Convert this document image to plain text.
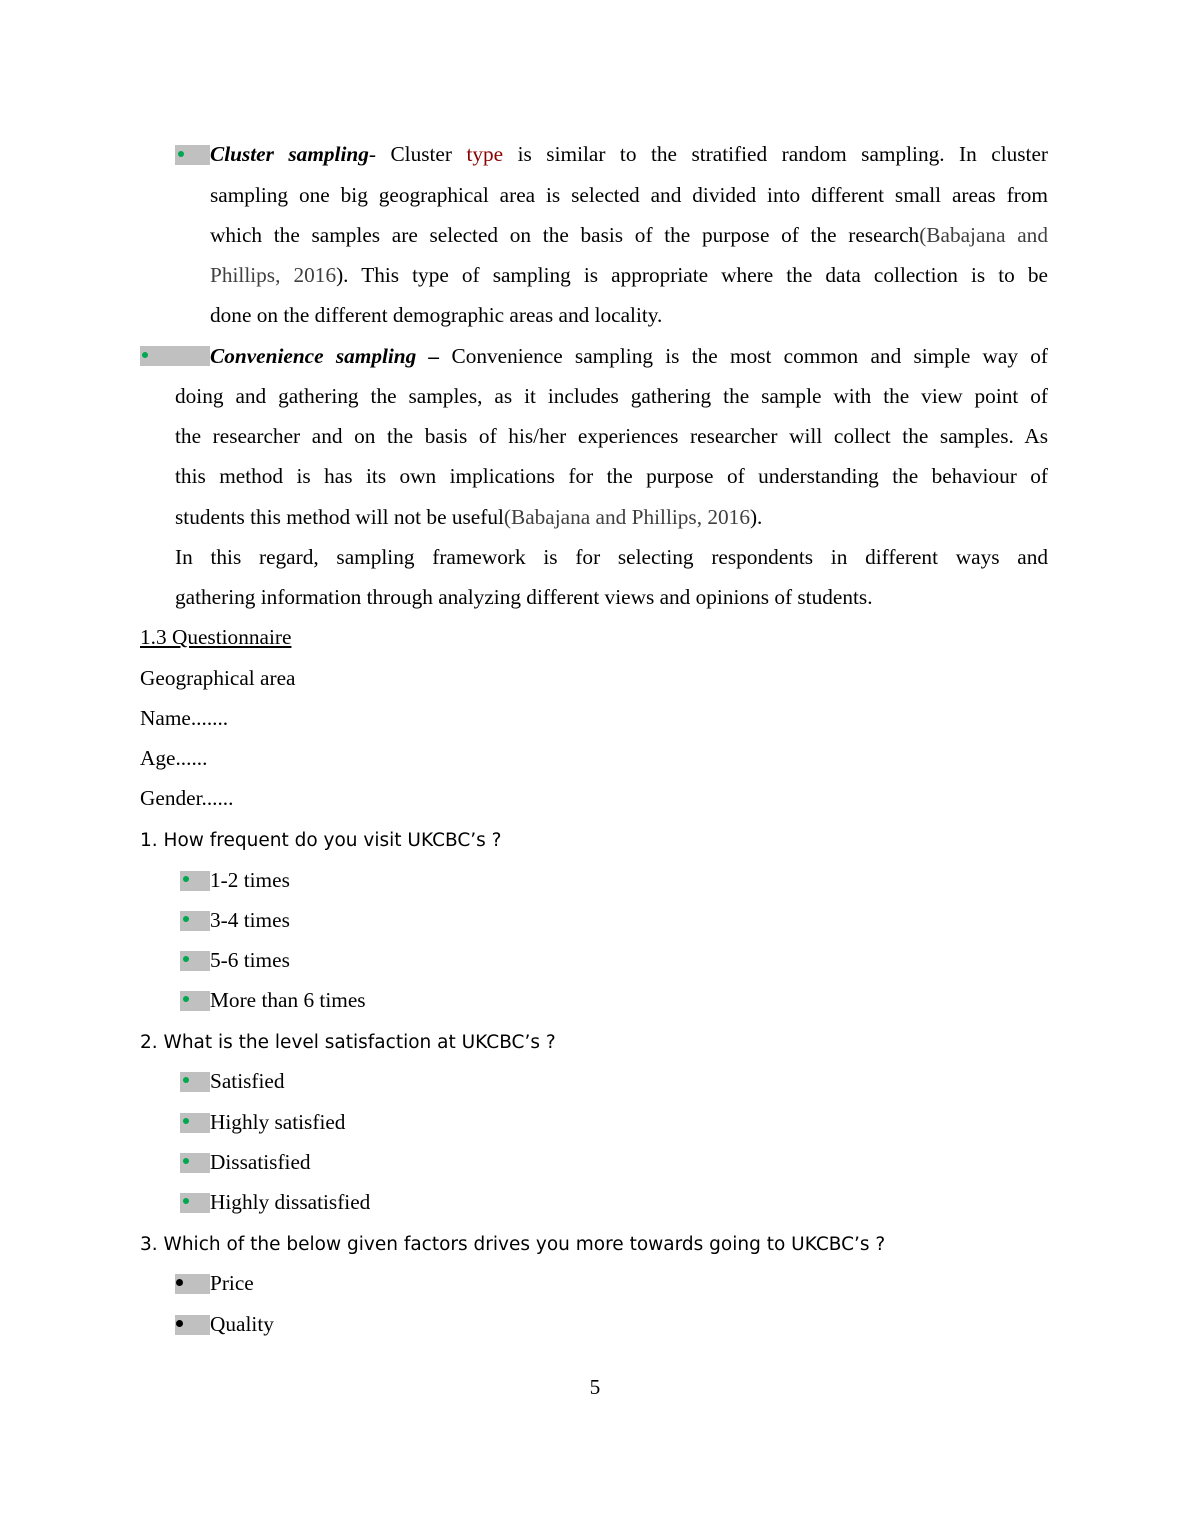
Cluster sampling- Cluster type is similar to the stratified random sampling. In cluster
sampling one big geographical area is selected and divided into different small areas from
which the samples are selected on the basis of the purpose of the research(Babajana and
Phillips, 2016). This type of sampling is appropriate where the data collection is to be
done on the different demographic areas and locality.
Convenience sampling – Convenience sampling is the most common and simple way of
doing and gathering the samples, as it includes gathering the sample with the view point of
the researcher and on the basis of his/her experiences researcher will collect the samples. As
this method is has its own implications for the purpose of understanding the behaviour of
students this method will not be useful(Babajana and Phillips, 2016).
In this regard, sampling framework is for selecting respondents in different ways and
gathering information through analyzing different views and opinions of students.
1.3 Questionnaire
Geographical area
Name.......
Age......
Gender......
1. How frequent do you visit UKCBC’s ?
1-2 times
3-4 times
5-6 times
More than 6 times
2. What is the level satisfaction at UKCBC’s ?
Satisfied
Highly satisfied
Dissatisfied
Highly dissatisfied
3. Which of the below given factors drives you more towards going to UKCBC’s ?
Price
Quality
5
